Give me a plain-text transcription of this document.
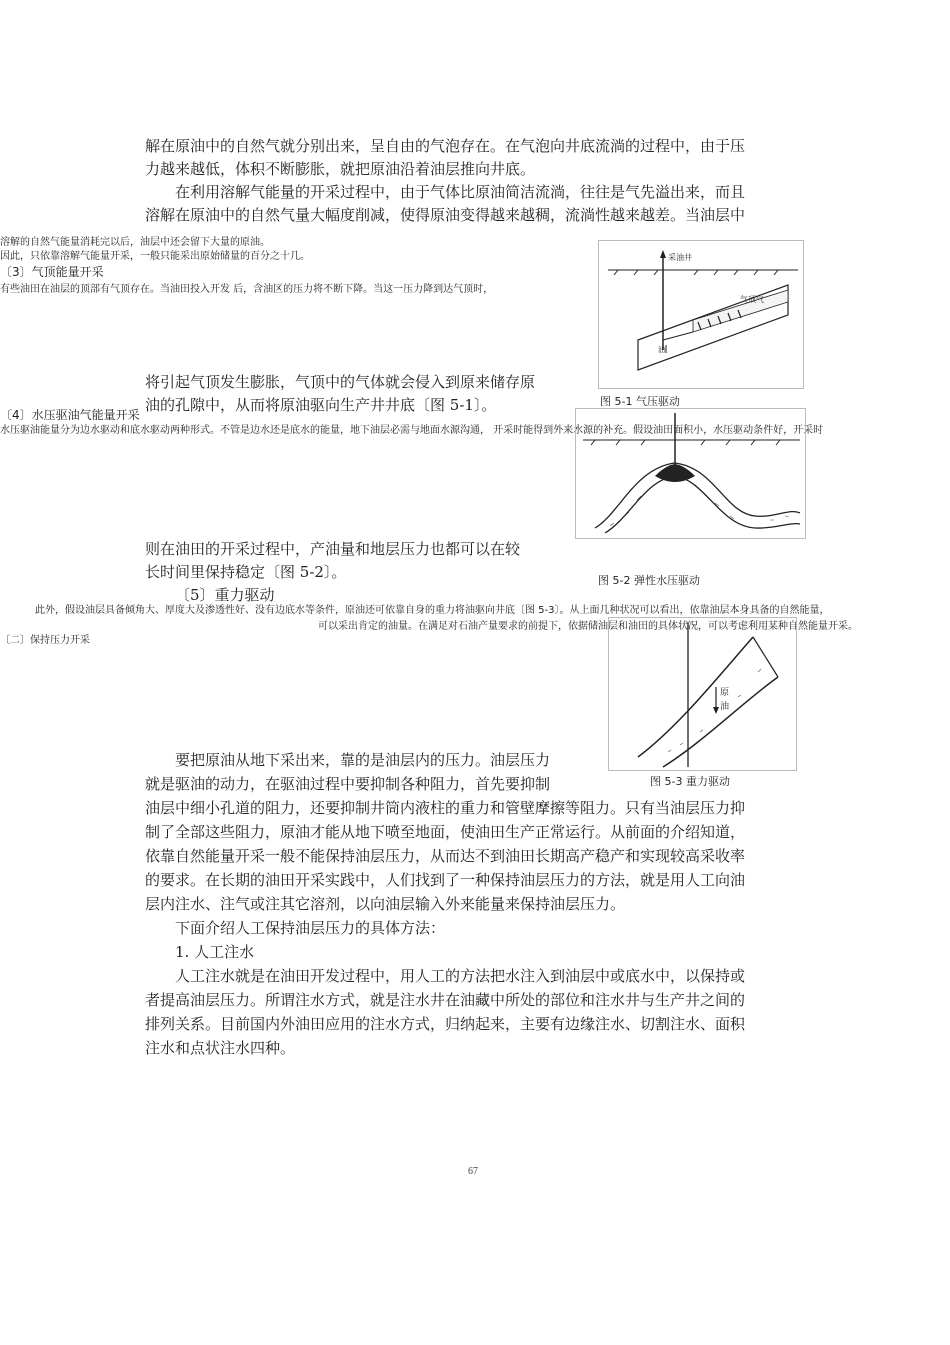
解在原油中的自然气就分别出来，呈自由的气泡存在。在气泡向井底流淌的过程中，由于压
力越来越低，体积不断膨胀，就把原油沿着油层推向井底。
在利用溶解气能量的开采过程中，由于气体比原油简洁流淌，往往是气先溢出来，而且
溶解在原油中的自然气量大幅度削减，使得原油变得越来越稠，流淌性越来越差。当油层中
溶解的自然气能量消耗完以后，油层中还会留下大量的原油。
因此，只依靠溶解气能量开采，一般只能采出原始储量的百分之十几。
〔3〕气顶能量开采
有些油田在油层的顶部有气顶存在。当油田投入开发 后，含油区的压力将不断下降。当这一压力降到达气顶时，
采油井
气顶气
油
图 5-1 气压驱动
将引起气顶发生膨胀，气顶中的气体就会侵入到原来储存原
油的孔隙中，从而将原油驱向生产井井底〔图 5-1〕。
〔4〕水压驱油气能量开采
水压驱油能量分为边水驱动和底水驱动两种形式。不管是边水还是底水的能量，地下油层必需与地面水源沟通， 开采时能得到外来水源的补充。假设油田面积小，水压驱动条件好，开采时
则在油田的开采过程中，产油量和地层压力也都可以在较
长时间里保持稳定〔图 5-2〕。	图 5-2 弹性水压驱动
〔5〕重力驱动
此外，假设油层具备倾角大、厚度大及渗透性好、没有边底水等条件，原油还可依靠自身的重力将油驱向井底〔图 5-3〕。从上面几种状况可以看出，依靠油层本身具备的自然能量，
可以采出肯定的油量。在满足对石油产量要求的前提下，依据储油层和油田的具体状况，可以考虑利用某种自然能量开采。
〔二〕保持压力开采
原
油
图 5-3 重力驱动
要把原油从地下采出来，靠的是油层内的压力。油层压力
就是驱油的动力，在驱油过程中要抑制各种阻力，首先要抑制
油层中细小孔道的阻力，还要抑制井筒内液柱的重力和管壁摩擦等阻力。只有当油层压力抑
制了全部这些阻力，原油才能从地下喷至地面，使油田生产正常运行。从前面的介绍知道，
依靠自然能量开采一般不能保持油层压力，从而达不到油田长期高产稳产和实现较高采收率
的要求。在长期的油田开采实践中，人们找到了一种保持油层压力的方法，就是用人工向油
层内注水、注气或注其它溶剂，以向油层输入外来能量来保持油层压力。
下面介绍人工保持油层压力的具体方法：
1. 人工注水
人工注水就是在油田开发过程中，用人工的方法把水注入到油层中或底水中，以保持或
者提高油层压力。所谓注水方式，就是注水井在油藏中所处的部位和注水井与生产井之间的
排列关系。目前国内外油田应用的注水方式，归纳起来，主要有边缘注水、切割注水、面积
注水和点状注水四种。
67
